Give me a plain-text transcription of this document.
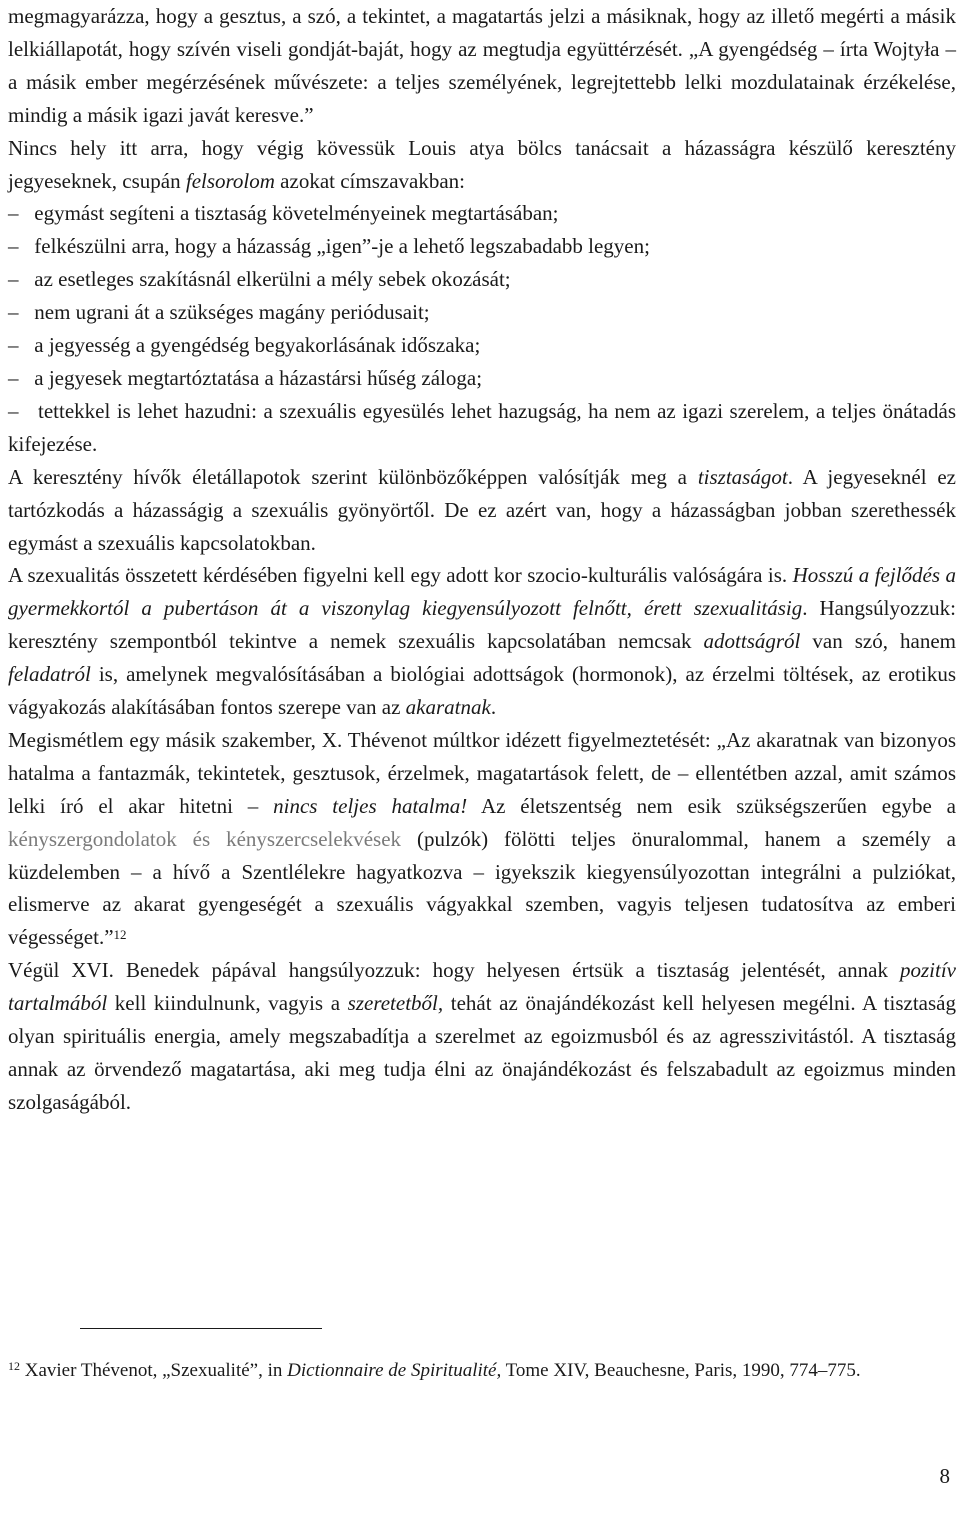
megmagyarázza, hogy a gesztus, a szó, a tekintet, a magatartás jelzi a másiknak, hogy az illető megérti a másik lelkiállapotát, hogy szívén viseli gondját-baját, hogy az megtudja együttérzését. „A gyengédség – írta Wojtyła – a másik ember megérzésének művészete: a teljes személyének, legrejtettebb lelki mozdulatainak érzékelése, mindig a másik igazi javát keresve.”

Nincs hely itt arra, hogy végig kövessük Louis atya bölcs tanácsait a házasságra készülő keresztény jegyeseknek, csupán felsorolom azokat címszavakban:

– egymást segíteni a tisztaság követelményeinek megtartásában;
– felkészülni arra, hogy a házasság „igen”-je a lehető legszabadabb legyen;
– az esetleges szakításnál elkerülni a mély sebek okozását;
– nem ugrani át a szükséges magány periódusait;
– a jegyesség a gyengédség begyakorlásának időszaka;
– a jegyesek megtartóztatása a házastársi hűség záloga;
– tettekkel is lehet hazudni: a szexuális egyesülés lehet hazugság, ha nem az igazi szerelem, a teljes önátadás kifejezése.

A keresztény hívők életállapotok szerint különbözőképpen valósítják meg a tisztaságot. A jegyeseknél ez tartózkodás a házasságig a szexuális gyönyörtől. De ez azért van, hogy a házasságban jobban szerethessék egymást a szexuális kapcsolatokban.

A szexualitás összetett kérdésében figyelni kell egy adott kor szocio-kulturális valóságára is. Hosszú a fejlődés a gyermekkortól a pubertáson át a viszonylag kiegyensúlyozott felnőtt, érett szexualitásig. Hangsúlyozzuk: keresztény szempontból tekintve a nemek szexuális kapcsolatában nemcsak adottságról van szó, hanem feladatról is, amelynek megvalósításában a biológiai adottságok (hormonok), az érzelmi töltések, az erotikus vágyakozás alakításában fontos szerepe van az akaratnak.

Megismétlem egy másik szakember, X. Thévenot múltkor idézett figyelmeztetését: „Az akaratnak van bizonyos hatalma a fantazmák, tekintetek, gesztusok, érzelmek, magatartások felett, de – ellentétben azzal, amit számos lelki író el akar hitetni – nincs teljes hatalma! Az életszentség nem esik szükségszerűen egybe a kényszergondolatok és kényszercselekvések (pulzók) fölötti teljes önuralommal, hanem a személy a küzdelemben – a hívő a Szentlélekre hagyatkozva – igyekszik kiegyensúlyozottan integrálni a pulziókat, elismerve az akarat gyengeségét a szexuális vágyakkal szemben, vagyis teljesen tudatosítva az emberi végességet.”$^{12}$

Végül XVI. Benedek pápával hangsúlyozzuk: hogy helyesen értsük a tisztaság jelentését, annak pozitív tartalmából kell kiindulnunk, vagyis a szeretetből, tehát az önajándékozást kell helyesen megélni. A tisztaság olyan spirituális energia, amely megszabadítja a szerelmet az egoizmusból és az agresszivitástól. A tisztaság annak az örvendező magatartása, aki meg tudja élni az önajándékozást és felszabadult az egoizmus minden szolgaságából.

$^{12}$ Xavier Thévenot, „Szexualité”, in Dictionnaire de Spiritualité, Tome XIV, Beauchesne, Paris, 1990, 774–775.

8
